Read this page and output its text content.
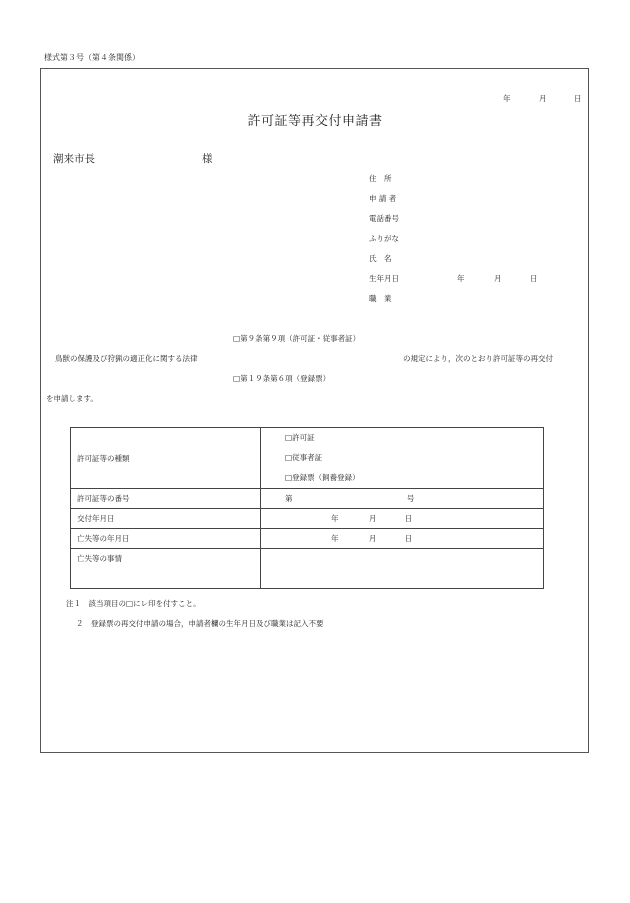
様式第３号（第４条関係）
年	月	日
許可証等再交付申請書
潮来市長	様
住　所
申 請 者
電話番号
ふりがな
氏　名
生年月日	年	月	日
職　業
□第９条第９項（許可証・従事者証）
鳥獣の保護及び狩猟の適正化に関する法律	の規定により，次のとおり許可証等の再交付
□第１９条第６項（登録票）
を申請します。
許可証等の種類	□許可証
□従事者証
□登録票（飼養登録）

許可証等の番号	第 号
交付年月日	年 月 日
亡失等の年月日	年 月 日
亡失等の事情	
注１　該当項目の□にレ印を付すこと。
２　登録票の再交付申請の場合，申請者欄の生年月日及び職業は記入不要
